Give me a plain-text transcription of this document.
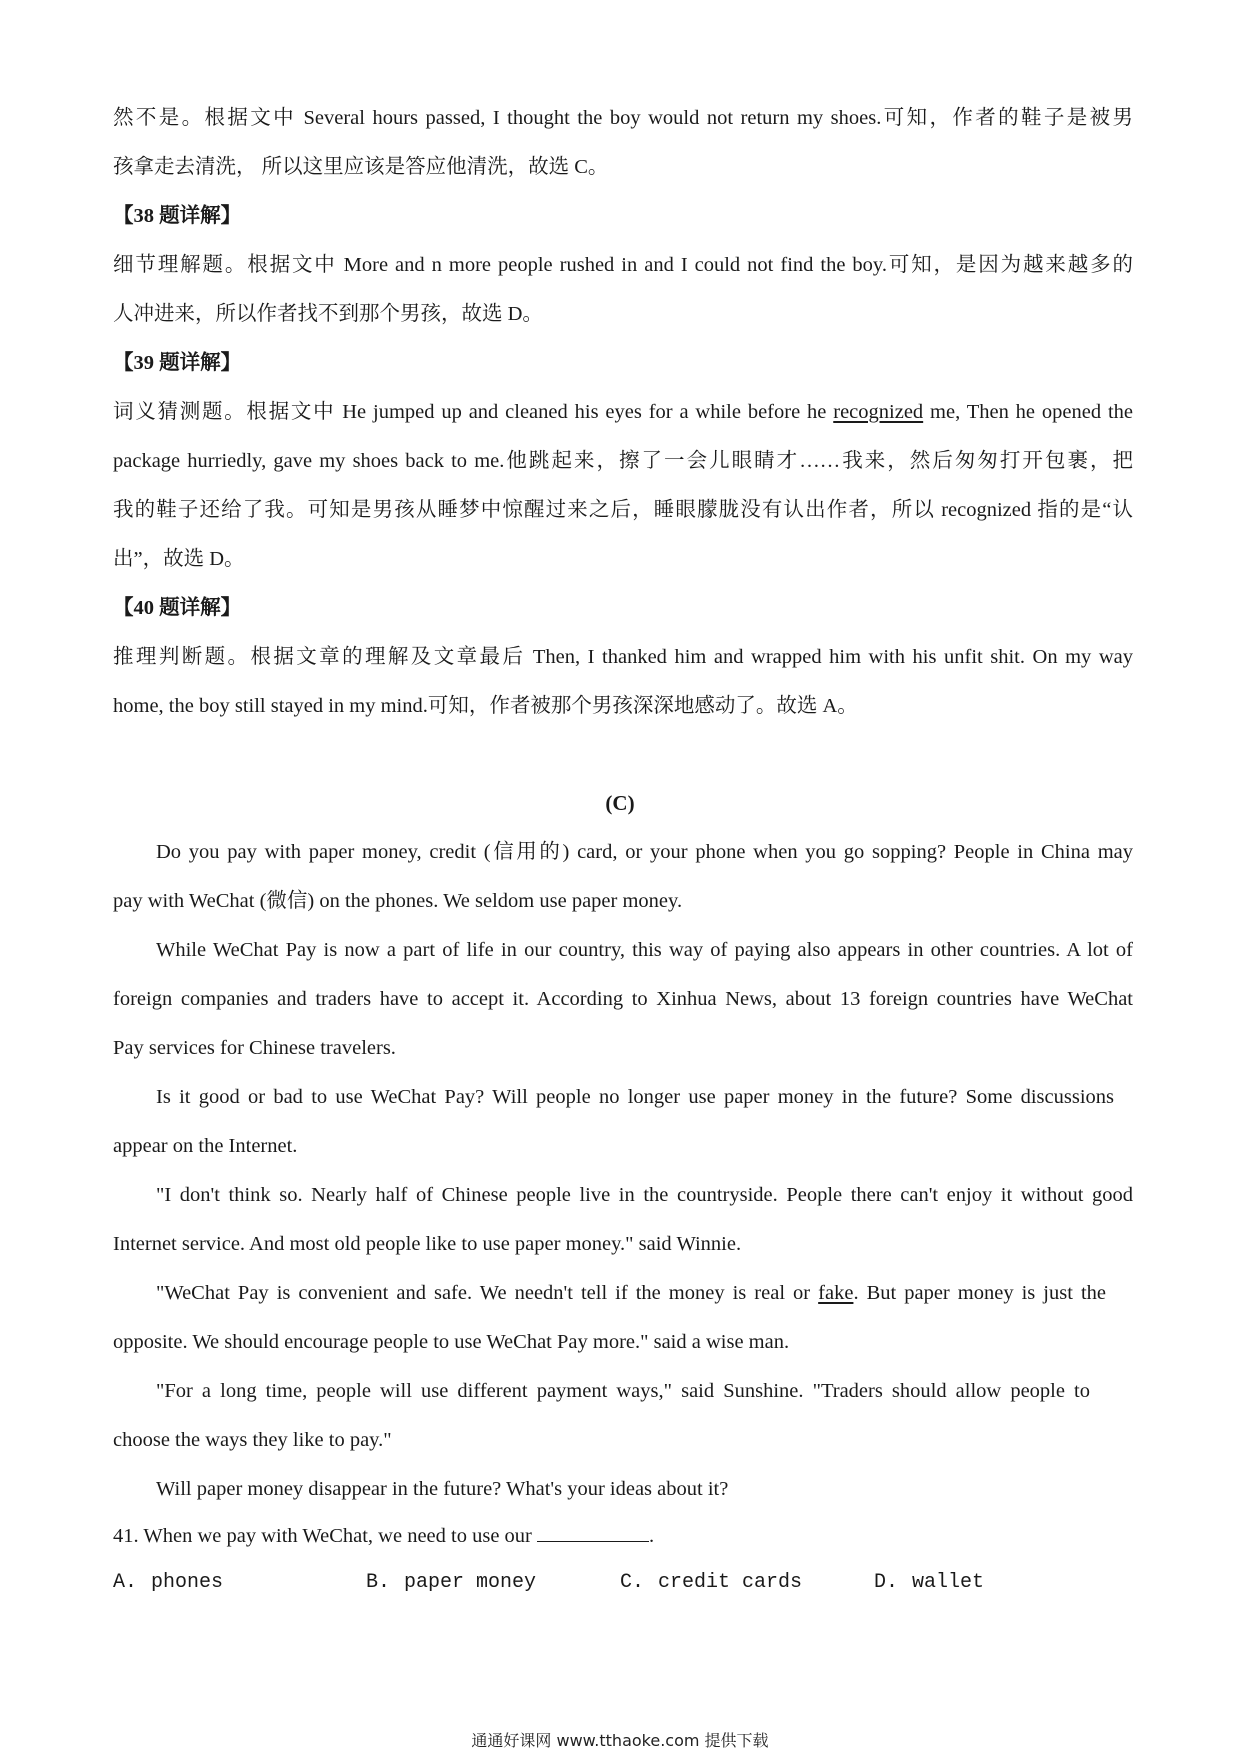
然不是。根据文中 Several hours passed, I thought the boy would not return my shoes.可知，作者的鞋子是被男
孩拿走去清洗， 所以这里应该是答应他清洗，故选 C。
【38 题详解】
细节理解题。根据文中 More and n more people rushed in and I could not find the boy.可知，是因为越来越多的
人冲进来，所以作者找不到那个男孩，故选 D。
【39 题详解】
词义猜测题。根据文中 He jumped up and cleaned his eyes for a while before he recognized me, Then he opened the
package hurriedly, gave my shoes back to me.他跳起来，擦了一会儿眼睛才……我来，然后匆匆打开包裹，把
我的鞋子还给了我。可知是男孩从睡梦中惊醒过来之后，睡眼朦胧没有认出作者，所以 recognized 指的是“认
出”，故选 D。
【40 题详解】
推理判断题。根据文章的理解及文章最后 Then, I thanked him and wrapped him with his unfit shit. On my way
home, the boy still stayed in my mind.可知，作者被那个男孩深深地感动了。故选 A。
(C)
Do you pay with paper money, credit (信用的) card, or your phone when you go sopping? People in China may
pay with WeChat (微信) on the phones. We seldom use paper money.
While WeChat Pay is now a part of life in our country, this way of paying also appears in other countries. A lot of
foreign companies and traders have to accept it. According to Xinhua News, about 13 foreign countries have WeChat
Pay services for Chinese travelers.
Is it good or bad to use WeChat Pay? Will people no longer use paper money in the future? Some discussions
appear on the Internet.
"I don't think so. Nearly half of Chinese people live in the countryside. People there can't enjoy it without good
Internet service. And most old people like to use paper money." said Winnie.
"WeChat Pay is convenient and safe. We needn't tell if the money is real or fake. But paper money is just the
opposite. We should encourage people to use WeChat Pay more." said a wise man.
"For a long time, people will use different payment ways," said Sunshine. "Traders should allow people to
choose the ways they like to pay."
Will paper money disappear in the future? What's your ideas about it?
41. When we pay with WeChat, we need to use our	.
A. phones	B. paper money	C. credit cards	D. wallet
通通好课网 www.tthaoke.com 提供下载
